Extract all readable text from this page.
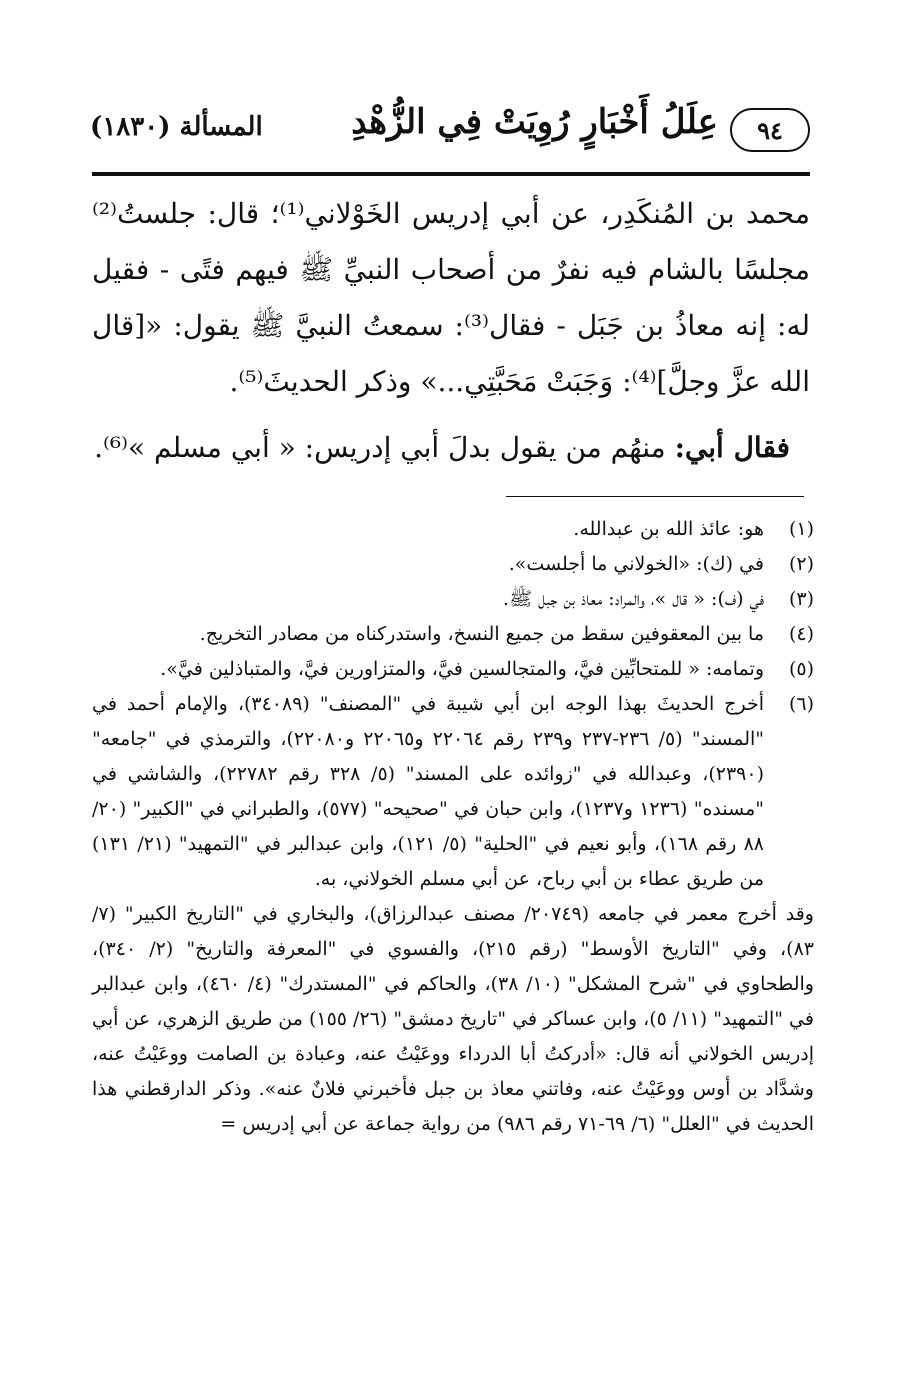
٩٤
عِلَلُ أَخْبَارٍ رُوِيَتْ فِي الزُّهْدِ
المسألة (١٨٣٠)

محمد بن المُنكَدِر، عن أبي إدريس الخَوْلاني⁽¹⁾؛ قال: جلستُ⁽²⁾ مجلسًا بالشام فيه نفرٌ من أصحاب النبيِّ ﷺ فيهم فتًى - فقيل له: إنه معاذُ بن جَبَل - فقال⁽³⁾: سمعتُ النبيَّ ﷺ يقول: «[قال الله عزَّ وجلَّ]⁽⁴⁾: وَجَبَتْ مَحَبَّتِي...» وذكر الحديثَ⁽⁵⁾.

فقال أبي: منهُم من يقول بدلَ أبي إدريس: « أبي مسلم »⁽⁶⁾.

(١)
هو: عائذ الله بن عبدالله.
(٢)
في (ك): «الخولاني ما أجلست».
(٣)
في (ف): « قال »، والمراد: معاذ بن جبل ﷺ.
(٤)
ما بين المعقوفين سقط من جميع النسخ، واستدركناه من مصادر التخريج.
(٥)
وتمامه: « للمتحابِّين فيَّ، والمتجالسين فيَّ، والمتزاورين فيَّ، والمتباذلين فيَّ».
(٦)
أخرج الحديثَ بهذا الوجه ابن أبي شيبة في "المصنف" (٣٤٠٨٩)، والإمام أحمد في "المسند" (٥/ ٢٣٦-٢٣٧ و٢٣٩ رقم ٢٢٠٦٤ و٢٢٠٦٥ و٢٢٠٨٠)، والترمذي في "جامعه" (٢٣٩٠)، وعبدالله في "زوائده على المسند" (٥/ ٣٢٨ رقم ٢٢٧٨٢)، والشاشي في "مسنده" (١٢٣٦ و١٢٣٧)، وابن حبان في "صحيحه" (٥٧٧)، والطبراني في "الكبير" (٢٠/ ٨٨ رقم ١٦٨)، وأبو نعيم في "الحلية" (٥/ ١٢١)، وابن عبدالبر في "التمهيد" (٢١/ ١٣١) من طريق عطاء بن أبي رباح، عن أبي مسلم الخولاني، به.
وقد أخرج معمر في جامعه (٢٠٧٤٩/ مصنف عبدالرزاق)، والبخاري في "التاريخ الكبير" (٧/ ٨٣)، وفي "التاريخ الأوسط" (رقم ٢١٥)، والفسوي في "المعرفة والتاريخ" (٢/ ٣٤٠)، والطحاوي في "شرح المشكل" (١٠/ ٣٨)، والحاكم في "المستدرك" (٤/ ٤٦٠)، وابن عبدالبر في "التمهيد" (١١/ ٥)، وابن عساكر في "تاريخ دمشق" (٢٦/ ١٥٥) من طريق الزهري، عن أبي إدريس الخولاني أنه قال: «أدركتُ أبا الدرداء ووعَيْتُ عنه، وعبادة بن الصامت ووعَيْتُ عنه، وشدَّاد بن أوس ووعَيْتُ عنه، وفاتني معاذ بن جبل فأخبرني فلانٌ عنه». وذكر الدارقطني هذا الحديث في "العلل" (٦/ ٦٩-٧١ رقم ٩٨٦) من رواية جماعة عن أبي إدريس =
